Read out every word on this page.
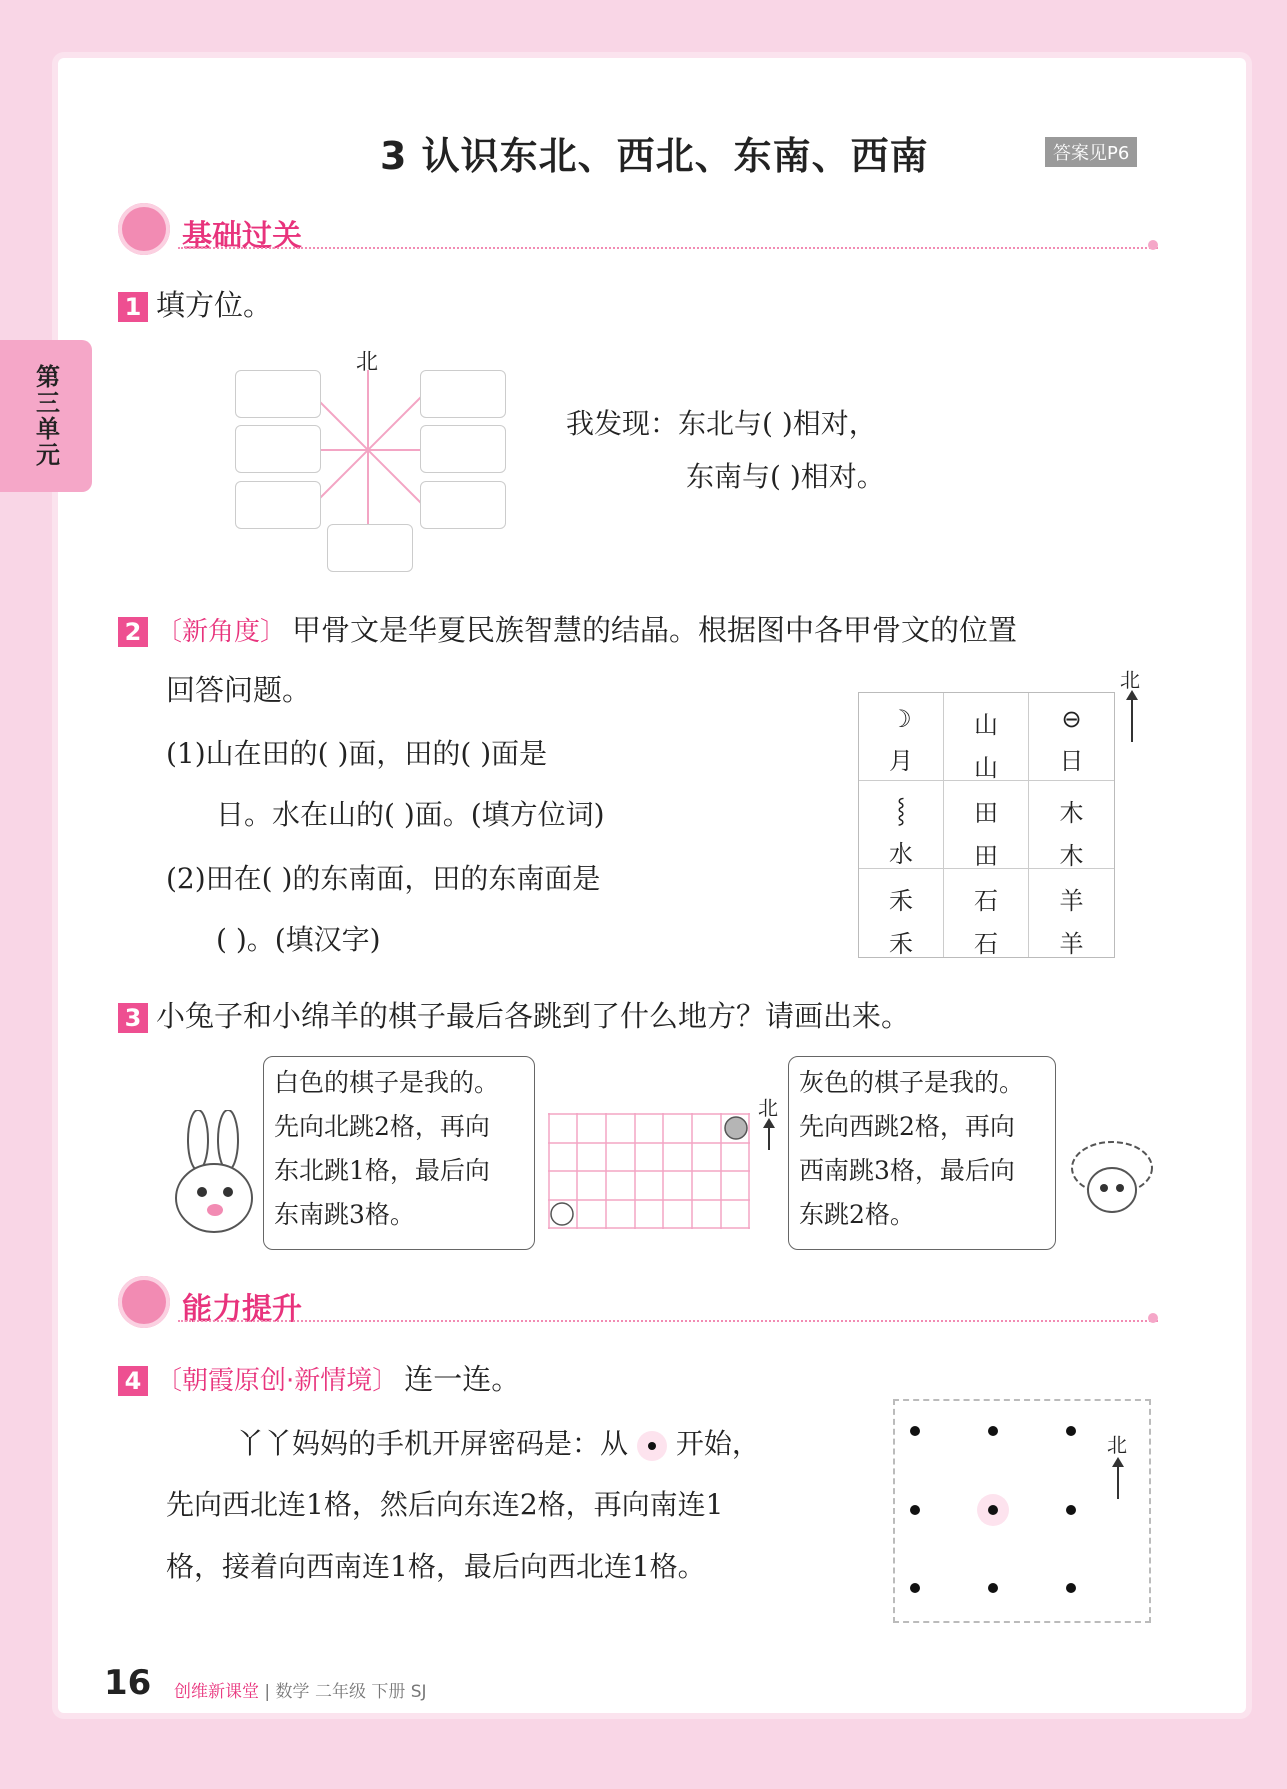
第三单元
3 认识东北、西北、东南、西南	答案见P6
基础过关
1 填方位。
北
我发现：东北与( )相对，
东南与( )相对。
2 〔新角度〕 甲骨文是华夏民族智慧的结晶。根据图中各甲骨文的位置
回答问题。
(1)山在田的( )面，田的( )面是
日。水在山的( )面。(填方位词)
(2)田在( )的东南面，田的东南面是
( )。(填汉字)
北
☽
月
山
山
⊖
日
⸾
水
田
田
木
木
禾
禾
石
石
羊
羊
3 小兔子和小绵羊的棋子最后各跳到了什么地方？请画出来。
白色的棋子是我的。
先向北跳2格，再向
东北跳1格，最后向
东南跳3格。
北
灰色的棋子是我的。
先向西跳2格，再向
西南跳3格，最后向
东跳2格。
能力提升
4 〔朝霞原创·新情境〕 连一连。
丫丫妈妈的手机开屏密码是：从 开始，
先向西北连1格，然后向东连2格，再向南连1
格，接着向西南连1格，最后向西北连1格。
北
16 创维新课堂 | 数学 二年级 下册 SJ
